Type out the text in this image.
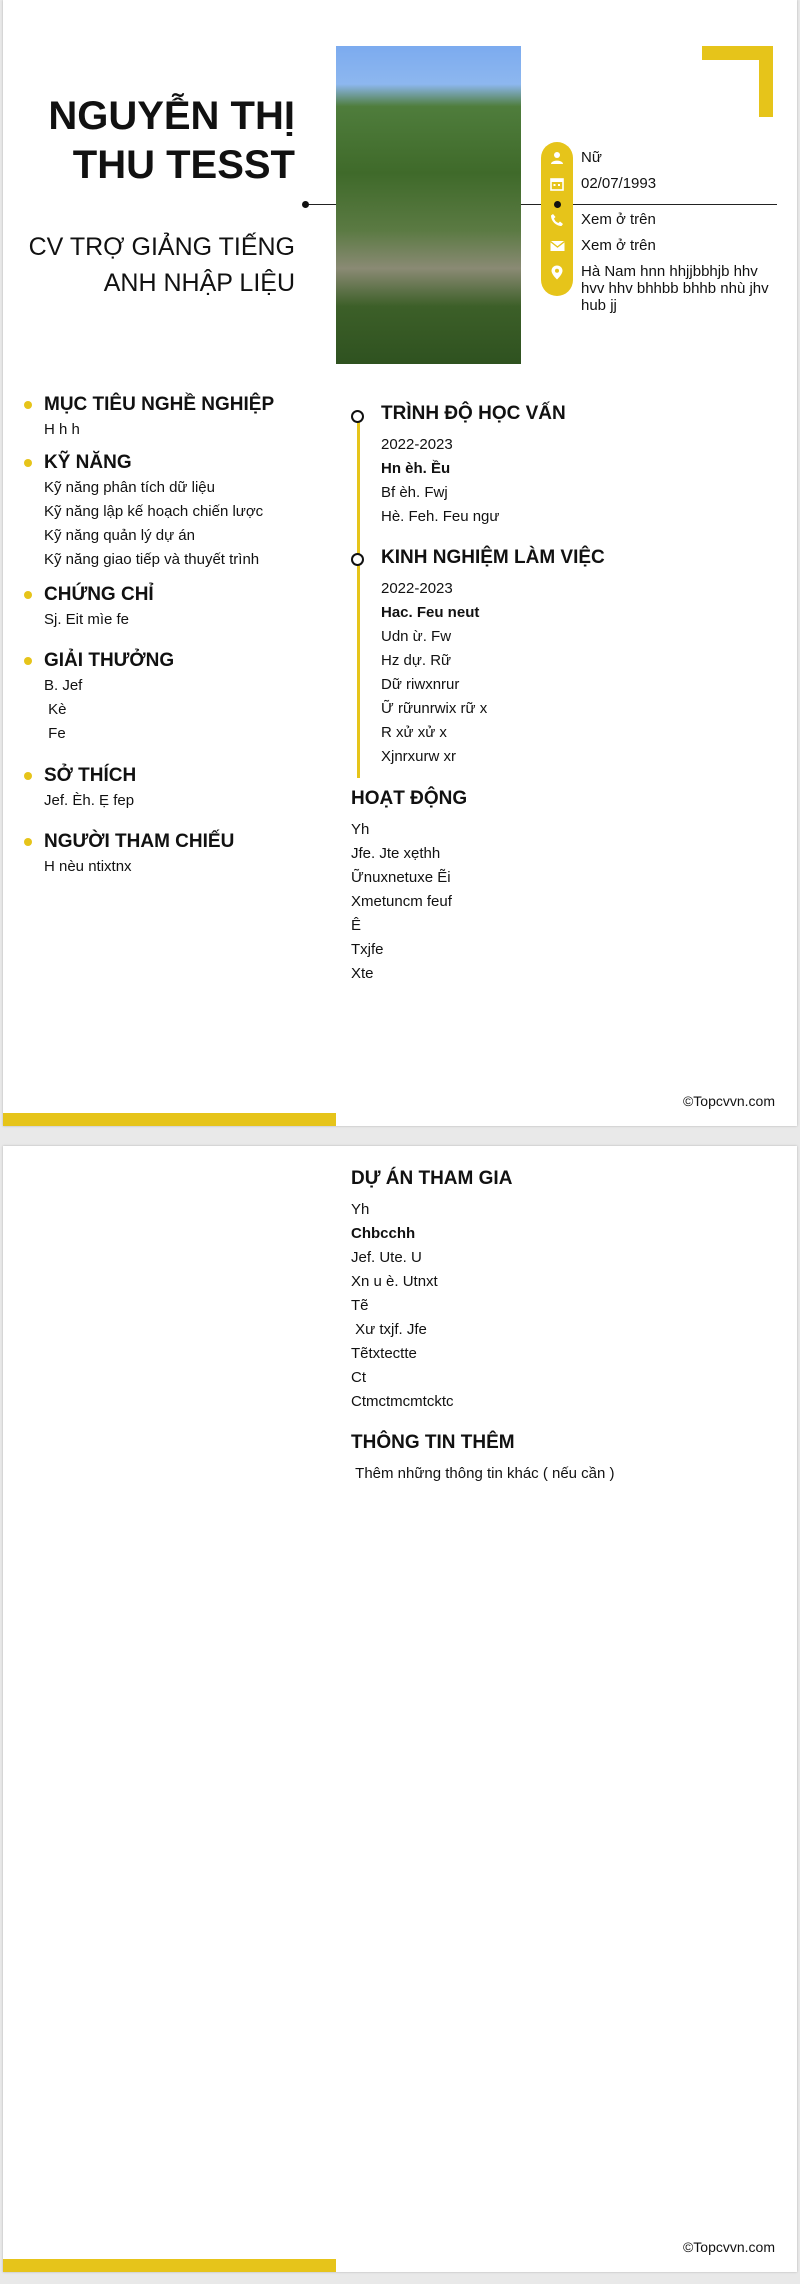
NGUYỄN THỊ
THU TESST
CV TRỢ GIẢNG TIẾNG
ANH NHẬP LIỆU
Nữ
02/07/1993
Xem ở trên
Xem ở trên
Hà Nam hnn hhjjbbhjb hhv hvv hhv bhhbb bhhb nhù jhv hub jj
MỤC TIÊU NGHỀ NGHIỆP
H h h
KỸ NĂNG
Kỹ năng phân tích dữ liệu
Kỹ năng lập kế hoạch chiến lược
Kỹ năng quản lý dự án
Kỹ năng giao tiếp và thuyết trình
CHỨNG CHỈ
Sj. Eit mìe fe
GIẢI THƯỞNG
B. Jef
Kè
Fe
SỞ THÍCH
Jef. Èh. Ẹ fep
NGƯỜI THAM CHIẾU
H nèu ntixtnx
TRÌNH ĐỘ HỌC VẤN
2022-2023
Hn èh. Ều
Bf èh. Fwj
Hè. Feh. Feu ngư
KINH NGHIỆM LÀM VIỆC
2022-2023
Hac. Feu neut
Udn ừ. Fw
Hz dự. Rữ
Dữ riwxnrur
Ữ rữunrwix rữ x
R xử xử x
Xjnrxurw xr
HOẠT ĐỘNG
Yh
Jfe. Jte xẹthh
Ữnuxnetuxe Ẽi
Xmetuncm feuf
Ê
Txjfe
Xte
©Topcvvn.com
DỰ ÁN THAM GIA
Yh
Chbcchh
Jef. Ute. U
Xn u è. Utnxt
Tẽ
Xư txjf. Jfe
Tẽtxtectte
Ct
Ctmctmcmtcktc
THÔNG TIN THÊM
Thêm những thông tin khác ( nếu cần )
©Topcvvn.com
